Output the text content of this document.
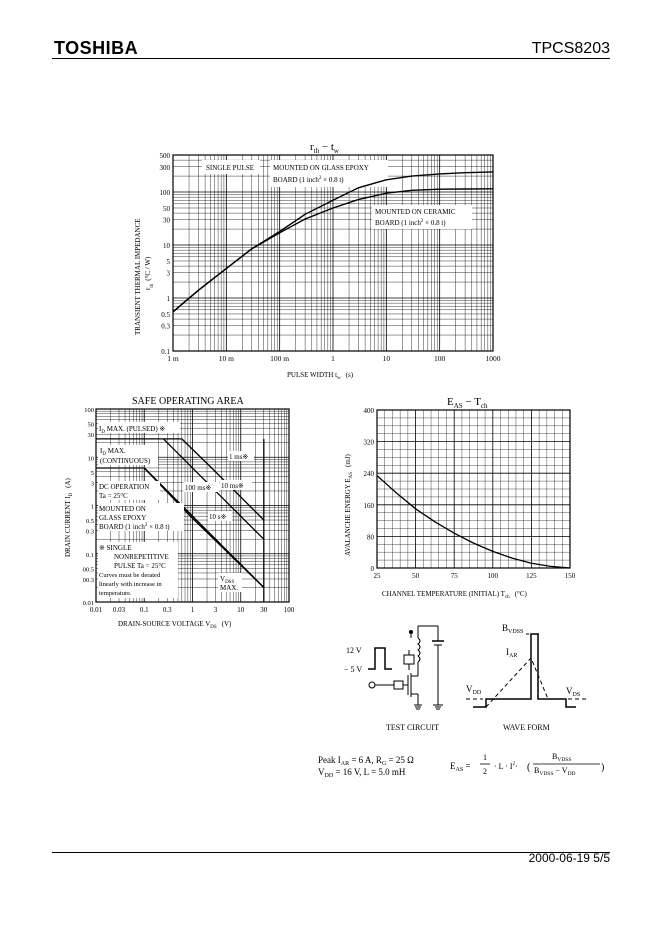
TOSHIBA	TPCS8203
2000-06-19 5/5
$r_{th} - t_w$
1 m	10 m	100 m	1	10	100	1000
0.1
0.3
0.5
1
3
5
10
30
50
100
300
500
SINGLE PULSE	MOUNTED ON GLASS EPOXY
BOARD (1 inch$^2$ × 0.8 t)
MOUNTED ON CERAMIC
BOARD (1 inch$^2$ × 0.8 t)
TRANSIENT THERMAL IMPEDANCE $r_{th}(^\circ C / W)$
PULSE WIDTH $t_w$ (s)
SAFE OPERATING AREA
0.01 0.03 0.1 0.3	1	3	10 30 100
0.01
00.3
00.5
0.1
0.3
0.5
1
3
5
10
30
50
100
$I_D$ MAX. (PULSED) ※
$I_D$ MAX.
(CONTINUOUS)	1 ms※
10 ms※
100 ms※
10 s※
DC OPERATION
Ta = 25°C
MOUNTED ON
GLASS EPOXY
BOARD (1 inch$^2$ × 0.8 t)
※ SINGLE
NONREPETITIVE
PULSE Ta = 25°C
Curves must be derated
linearly with increase in
temperature.
$V_{DSS}$
MAX.
DRAIN CURRENT $I_D(A)$
DRAIN-SOURCE VOLTAGE $V_{DS}$ (V)
$E_{AS} - T_{ch}$
25	50	75	100	125	150
0
80
160
240
320
400
AVALANCHE ENERGY $E_{AS}(mJ)$
CHANNEL TEMPERATURE (INITIAL) $T_{ch}$ (°C)
12 V
− 5 V
TEST CIRCUIT
$B_{VDSS}$
$I_{AR}$
$V_{DD}$	$V_{DS}$
WAVE FORM
Peak $I_{AR} = 6$ A, $R_G = 25$ Ω
$V_{DD} = 16$ V, L = 5.0 mH
$E_{AS}$ =
1
2
· $L \cdot I^2\cdot$ (
$B_{VDSS}$
$B_{VDSS} - V_{DD}$
)
